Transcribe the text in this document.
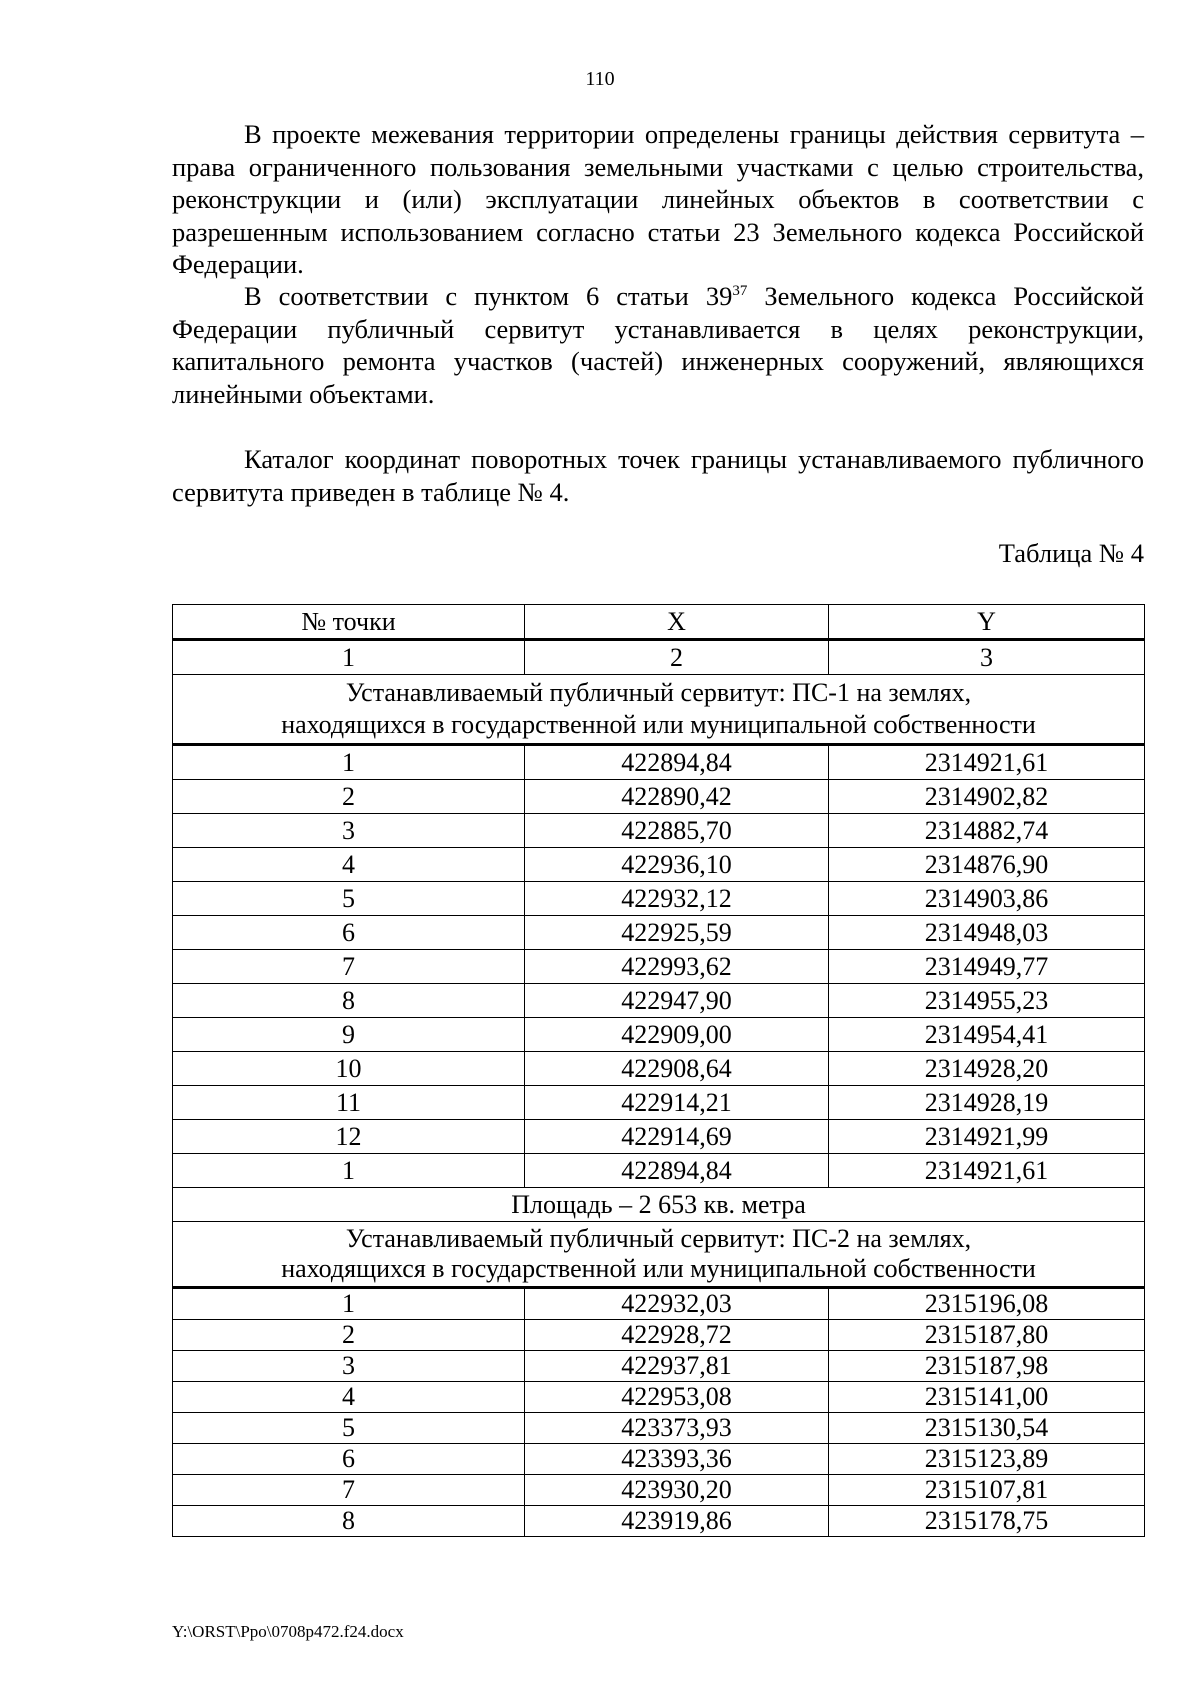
110

В проекте межевания территории определены границы действия сервитута – права ограниченного пользования земельными участками с целью строительства, реконструкции и (или) эксплуатации линейных объектов в соответствии с разрешенным использованием согласно статьи 23 Земельного кодекса Российской Федерации.

В соответствии с пунктом 6 статьи $39^{37}$ Земельного кодекса Российской Федерации публичный сервитут устанавливается в целях реконструкции, капитального ремонта участков (частей) инженерных сооружений, являющихся линейными объектами.

Каталог координат поворотных точек границы устанавливаемого публичного сервитута приведен в таблице № 4.

Таблица № 4
№ точки	X	Y
1	2	3

Устанавливаемый публичный сервитут: ПС-1 на землях,
находящихся в государственной или муниципальной собственности		

1	422894,84	2314921,61
2	422890,42	2314902,82
3	422885,70	2314882,74
4	422936,10	2314876,90
5	422932,12	2314903,86
6	422925,59	2314948,03
7	422993,62	2314949,77
8	422947,90	2314955,23
9	422909,00	2314954,41
10	422908,64	2314928,20
11	422914,21	2314928,19
12	422914,69	2314921,99
1	422894,84	2314921,61
Площадь – 2 653 кв. метра		

Устанавливаемый публичный сервитут: ПС-2 на землях,
находящихся в государственной или муниципальной собственности		

1	422932,03	2315196,08
2	422928,72	2315187,80
3	422937,81	2315187,98
4	422953,08	2315141,00
5	423373,93	2315130,54
6	423393,36	2315123,89
7	423930,20	2315107,81
8	423919,86	2315178,75
Y:\ORST\Ppo\0708p472.f24.docx
